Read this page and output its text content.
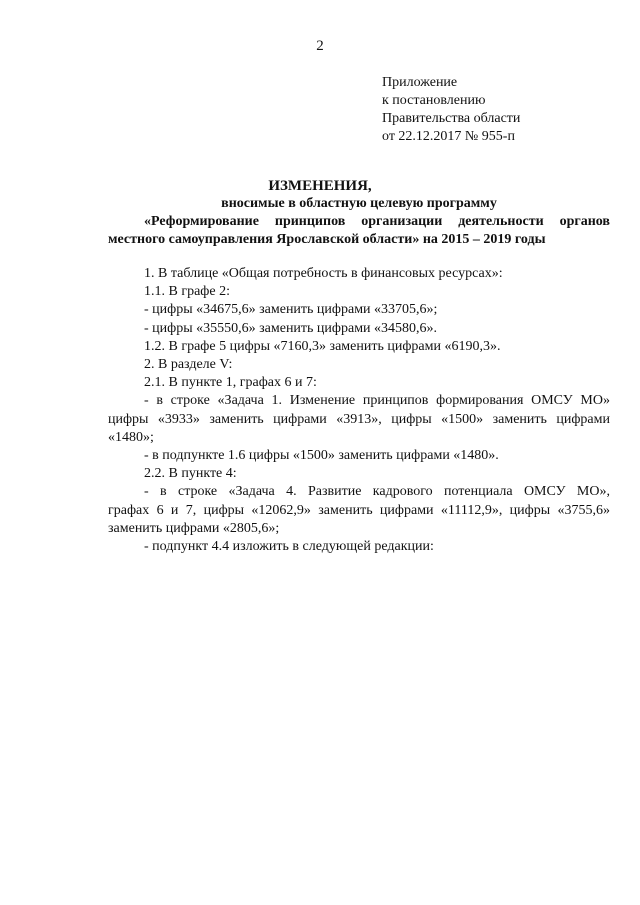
2
Приложение
к постановлению
Правительства области
от 22.12.2017 № 955-п
ИЗМЕНЕНИЯ,
вносимые в областную целевую программу
«Реформирование принципов организации деятельности органов
местного самоуправления Ярославской области» на 2015 – 2019 годы
1. В таблице «Общая потребность в финансовых ресурсах»:
1.1. В графе 2:
- цифры «34675,6» заменить цифрами «33705,6»;
- цифры «35550,6» заменить цифрами «34580,6».
1.2. В графе 5 цифры «7160,3» заменить цифрами «6190,3».
2. В разделе V:
2.1. В пункте 1, графах 6 и 7:
- в строке «Задача 1. Изменение принципов формирования ОМСУ МО»
цифры «3933» заменить цифрами «3913», цифры «1500» заменить цифрами
«1480»;
- в подпункте 1.6 цифры «1500» заменить цифрами «1480».
2.2. В пункте 4:
- в строке «Задача 4. Развитие кадрового потенциала ОМСУ МО»,
графах 6 и 7, цифры «12062,9» заменить цифрами «11112,9», цифры «3755,6»
заменить цифрами «2805,6»;
- подпункт 4.4 изложить в следующей редакции:
